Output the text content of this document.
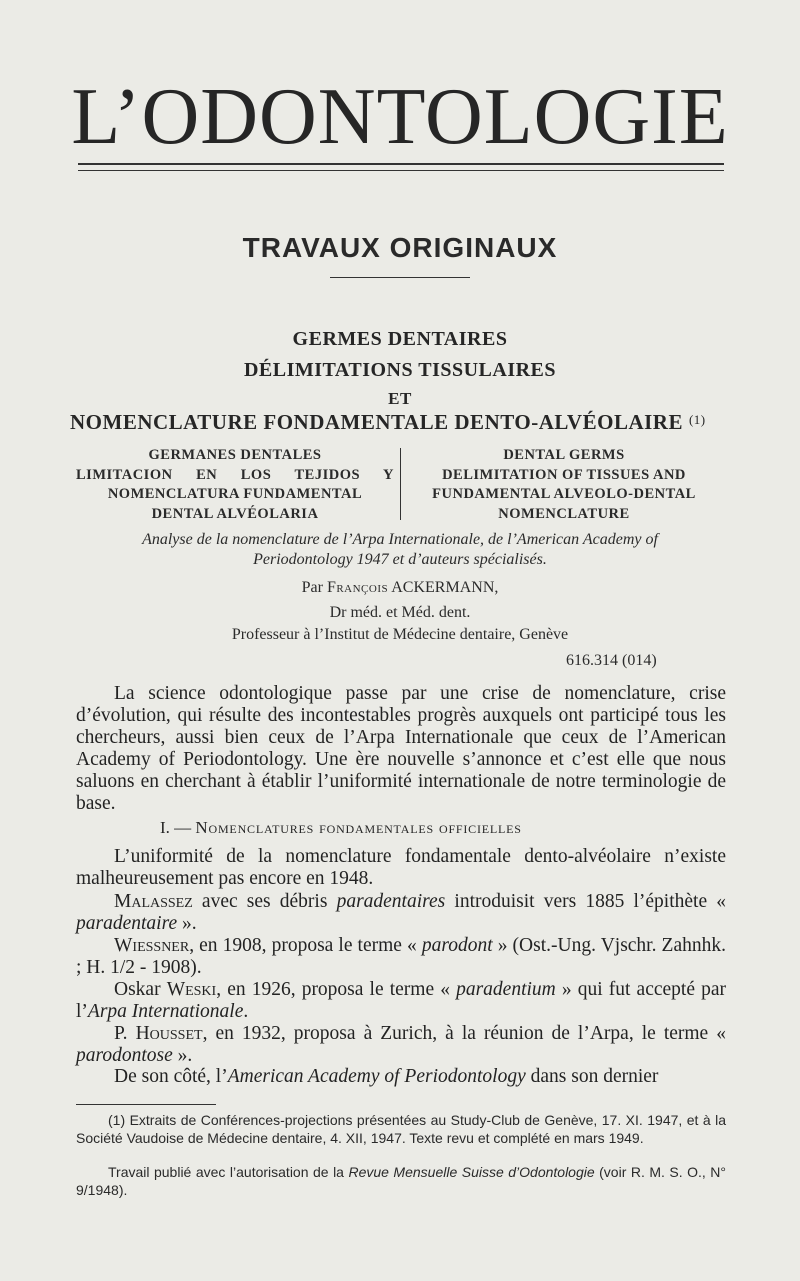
L’ODONTOLOGIE
TRAVAUX ORIGINAUX
GERMES DENTAIRES
DÉLIMITATIONS TISSULAIRES
ET
NOMENCLATURE FONDAMENTALE DENTO-ALVÉOLAIRE $^{(1)}$
GERMANES DENTALES
LIMITACION EN LOS TEJIDOS Y
NOMENCLATURA FUNDAMENTAL
DENTAL ALVÉOLARIA
DENTAL GERMS
DELIMITATION OF TISSUES AND
FUNDAMENTAL ALVEOLO-DENTAL
NOMENCLATURE
Analyse de la nomenclature de l’Arpa Internationale, de l’American Academy of
Periodontology 1947 et d’auteurs spécialisés.
Par François ACKERMANN,
Dr méd. et Méd. dent.
Professeur à l’Institut de Médecine dentaire, Genève
616.314 (014)
La science odontologique passe par une crise de nomenclature, crise d’évolution, qui résulte des incontestables progrès auxquels ont participé tous les chercheurs, aussi bien ceux de l’Arpa Internationale que ceux de l’American Academy of Periodontology. Une ère nouvelle s’annonce et c’est elle que nous saluons en cherchant à établir l’uniformité internationale de notre terminologie de base.
I. — Nomenclatures fondamentales officielles
L’uniformité de la nomenclature fondamentale dento-alvéolaire n’existe malheureusement pas encore en 1948.
Malassez avec ses débris paradentaires introduisit vers 1885 l’épithète « paradentaire ».
Wiessner, en 1908, proposa le terme « parodont » (Ost.-Ung. Vjschr. Zahnhk. ; H. 1/2 - 1908).
Oskar Weski, en 1926, proposa le terme « paradentium » qui fut accepté par l’Arpa Internationale.
P. Housset, en 1932, proposa à Zurich, à la réunion de l’Arpa, le terme « parodontose ».
De son côté, l’American Academy of Periodontology dans son dernier
(1) Extraits de Conférences-projections présentées au Study-Club de Genève, 17. XI. 1947, et à la Société Vaudoise de Médecine dentaire, 4. XII, 1947. Texte revu et complété en mars 1949.
Travail publié avec l’autorisation de la Revue Mensuelle Suisse d’Odontologie (voir R. M. S. O., N° 9/1948).
